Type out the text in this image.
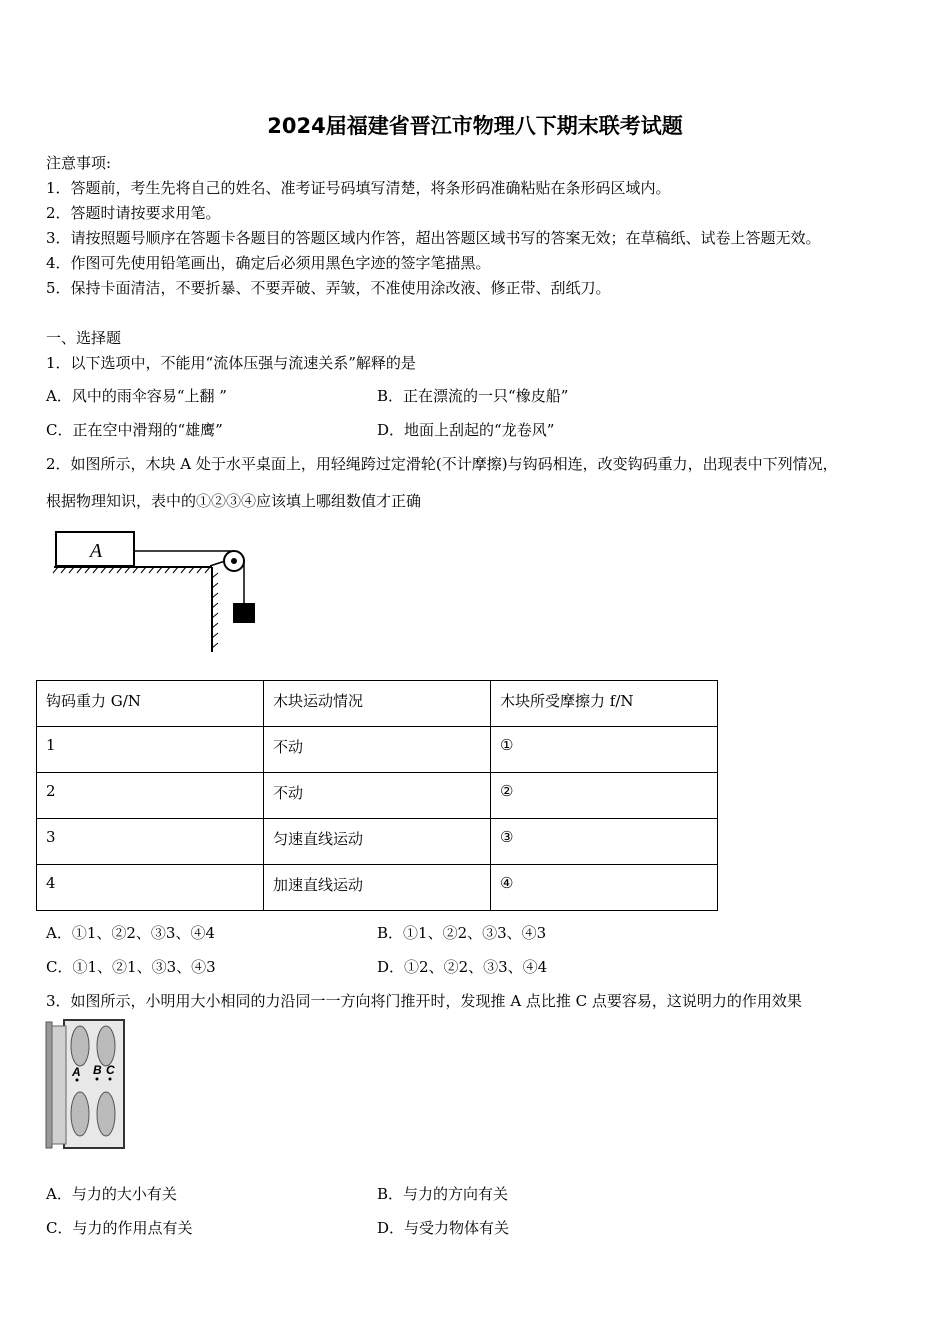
2024届福建省晋江市物理八下期末联考试题
注意事项:
1．答题前，考生先将自己的姓名、准考证号码填写清楚，将条形码准确粘贴在条形码区域内。
2．答题时请按要求用笔。
3．请按照题号顺序在答题卡各题目的答题区域内作答，超出答题区域书写的答案无效；在草稿纸、试卷上答题无效。
4．作图可先使用铅笔画出，确定后必须用黑色字迹的签字笔描黑。
5．保持卡面清洁，不要折暴、不要弄破、弄皱，不准使用涂改液、修正带、刮纸刀。
一、选择题
1．以下选项中，不能用“流体压强与流速关系”解释的是
A．风中的雨伞容易“上翻 ”	B．正在漂流的一只“橡皮船”
C．正在空中滑翔的“雄鹰”	D．地面上刮起的“龙卷风”
2．如图所示，木块 A 处于水平桌面上，用轻绳跨过定滑轮(不计摩擦)与钩码相连，改变钩码重力，出现表中下列情况，
根据物理知识，表中的①②③④应该填上哪组数值才正确
A
钩码重力 G/N	木块运动情况	木块所受摩擦力 f/N
1	不动	①
2	不动	②
3	匀速直线运动	③
4	加速直线运动	④
A．①1、②2、③3、④4	B．①1、②2、③3、④3
C．①1、②1、③3、④3	D．①2、②2、③3、④4
3．如图所示，小明用大小相同的力沿同一一方向将门推开时，发现推 A 点比推 C 点要容易，这说明力的作用效果
A B C
A．与力的大小有关	B．与力的方向有关
C．与力的作用点有关	D．与受力物体有关
